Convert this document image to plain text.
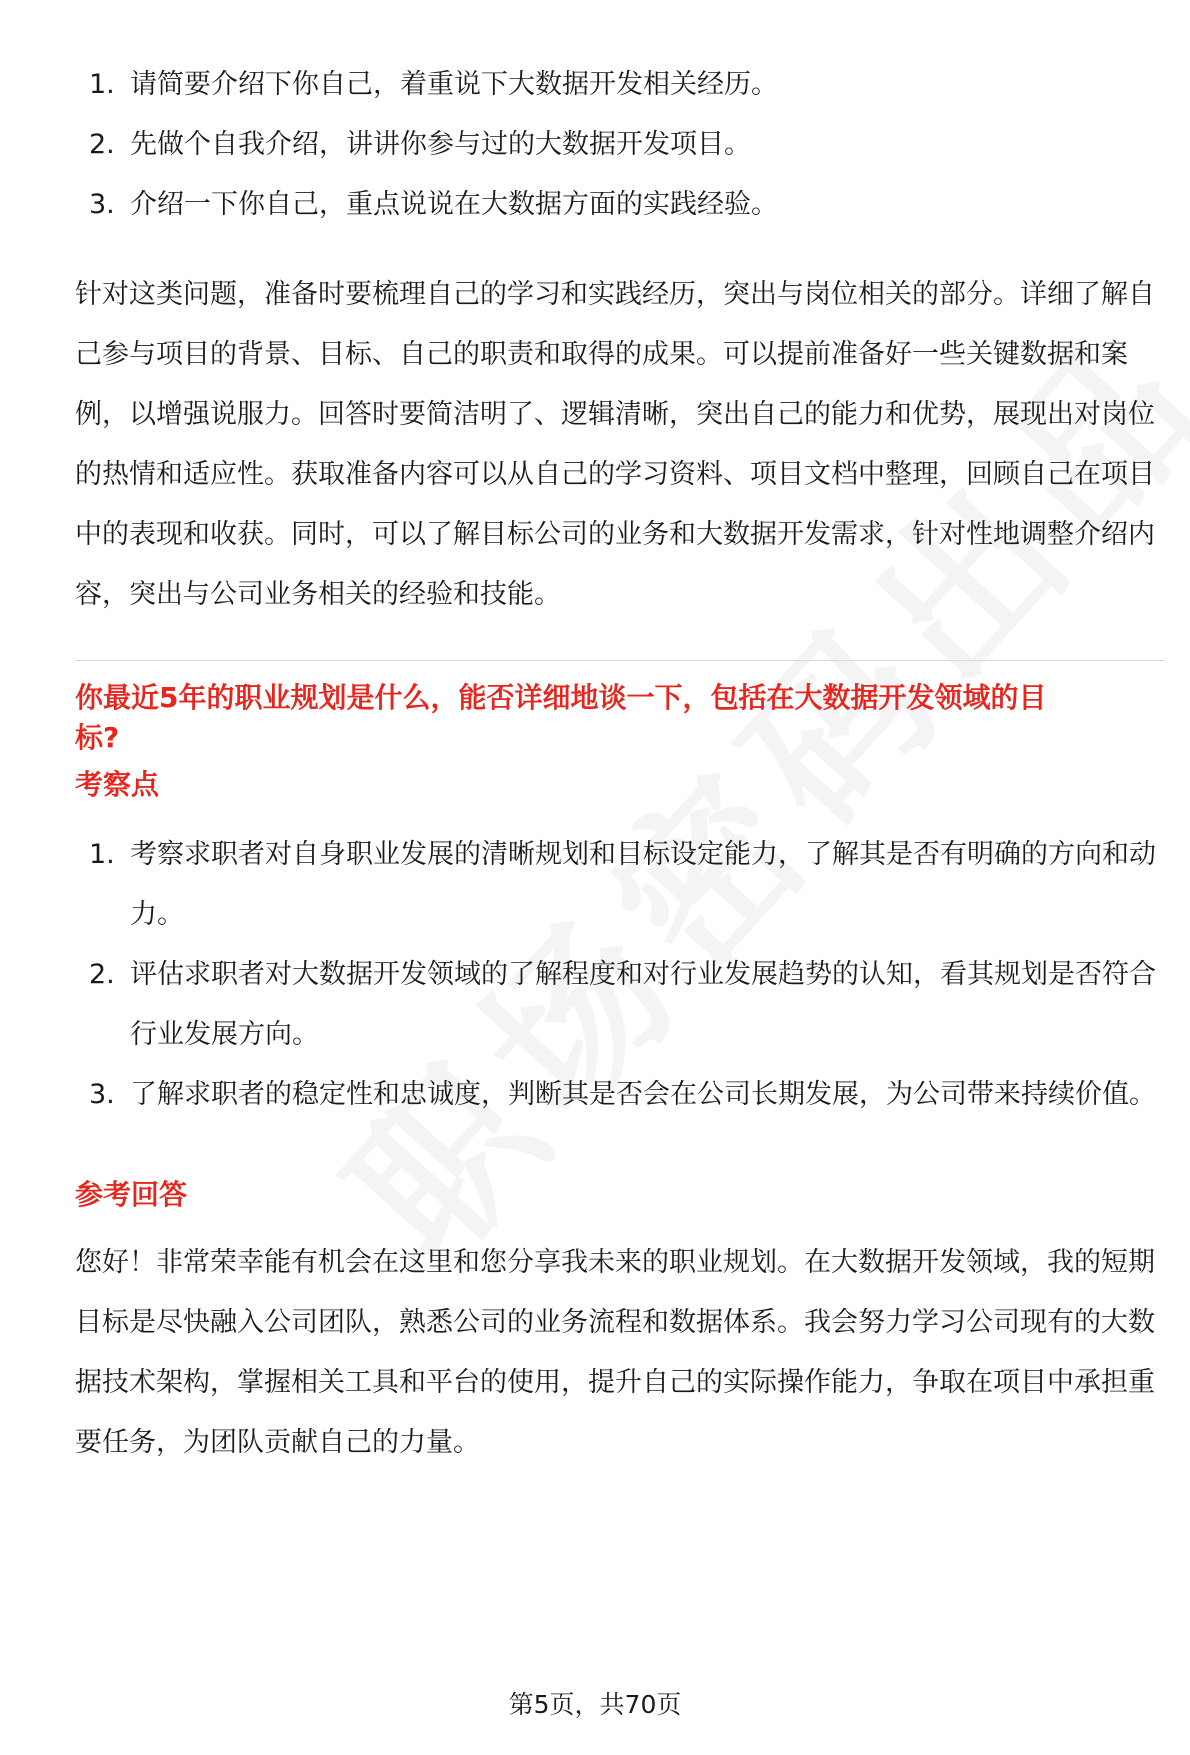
1. 请简要介绍下你自己，着重说下大数据开发相关经历。
2. 先做个自我介绍，讲讲你参与过的大数据开发项目。
3. 介绍一下你自己，重点说说在大数据方面的实践经验。

针对这类问题，准备时要梳理自己的学习和实践经历，突出与岗位相关的部分。详细了解自己参与项目的背景、目标、自己的职责和取得的成果。可以提前准备好一些关键数据和案例，以增强说服力。回答时要简洁明了、逻辑清晰，突出自己的能力和优势，展现出对岗位的热情和适应性。获取准备内容可以从自己的学习资料、项目文档中整理，回顾自己在项目中的表现和收获。同时，可以了解目标公司的业务和大数据开发需求，针对性地调整介绍内容，突出与公司业务相关的经验和技能。

你最近5年的职业规划是什么，能否详细地谈一下，包括在大数据开发领域的目标?

考察点

1. 考察求职者对自身职业发展的清晰规划和目标设定能力，了解其是否有明确的方向和动力。
2. 评估求职者对大数据开发领域的了解程度和对行业发展趋势的认知，看其规划是否符合行业发展方向。
3. 了解求职者的稳定性和忠诚度，判断其是否会在公司长期发展，为公司带来持续价值。

参考回答

您好！非常荣幸能有机会在这里和您分享我未来的职业规划。在大数据开发领域，我的短期目标是尽快融入公司团队，熟悉公司的业务流程和数据体系。我会努力学习公司现有的大数据技术架构，掌握相关工具和平台的使用，提升自己的实际操作能力，争取在项目中承担重要任务，为团队贡献自己的力量。

第5页，共70页
